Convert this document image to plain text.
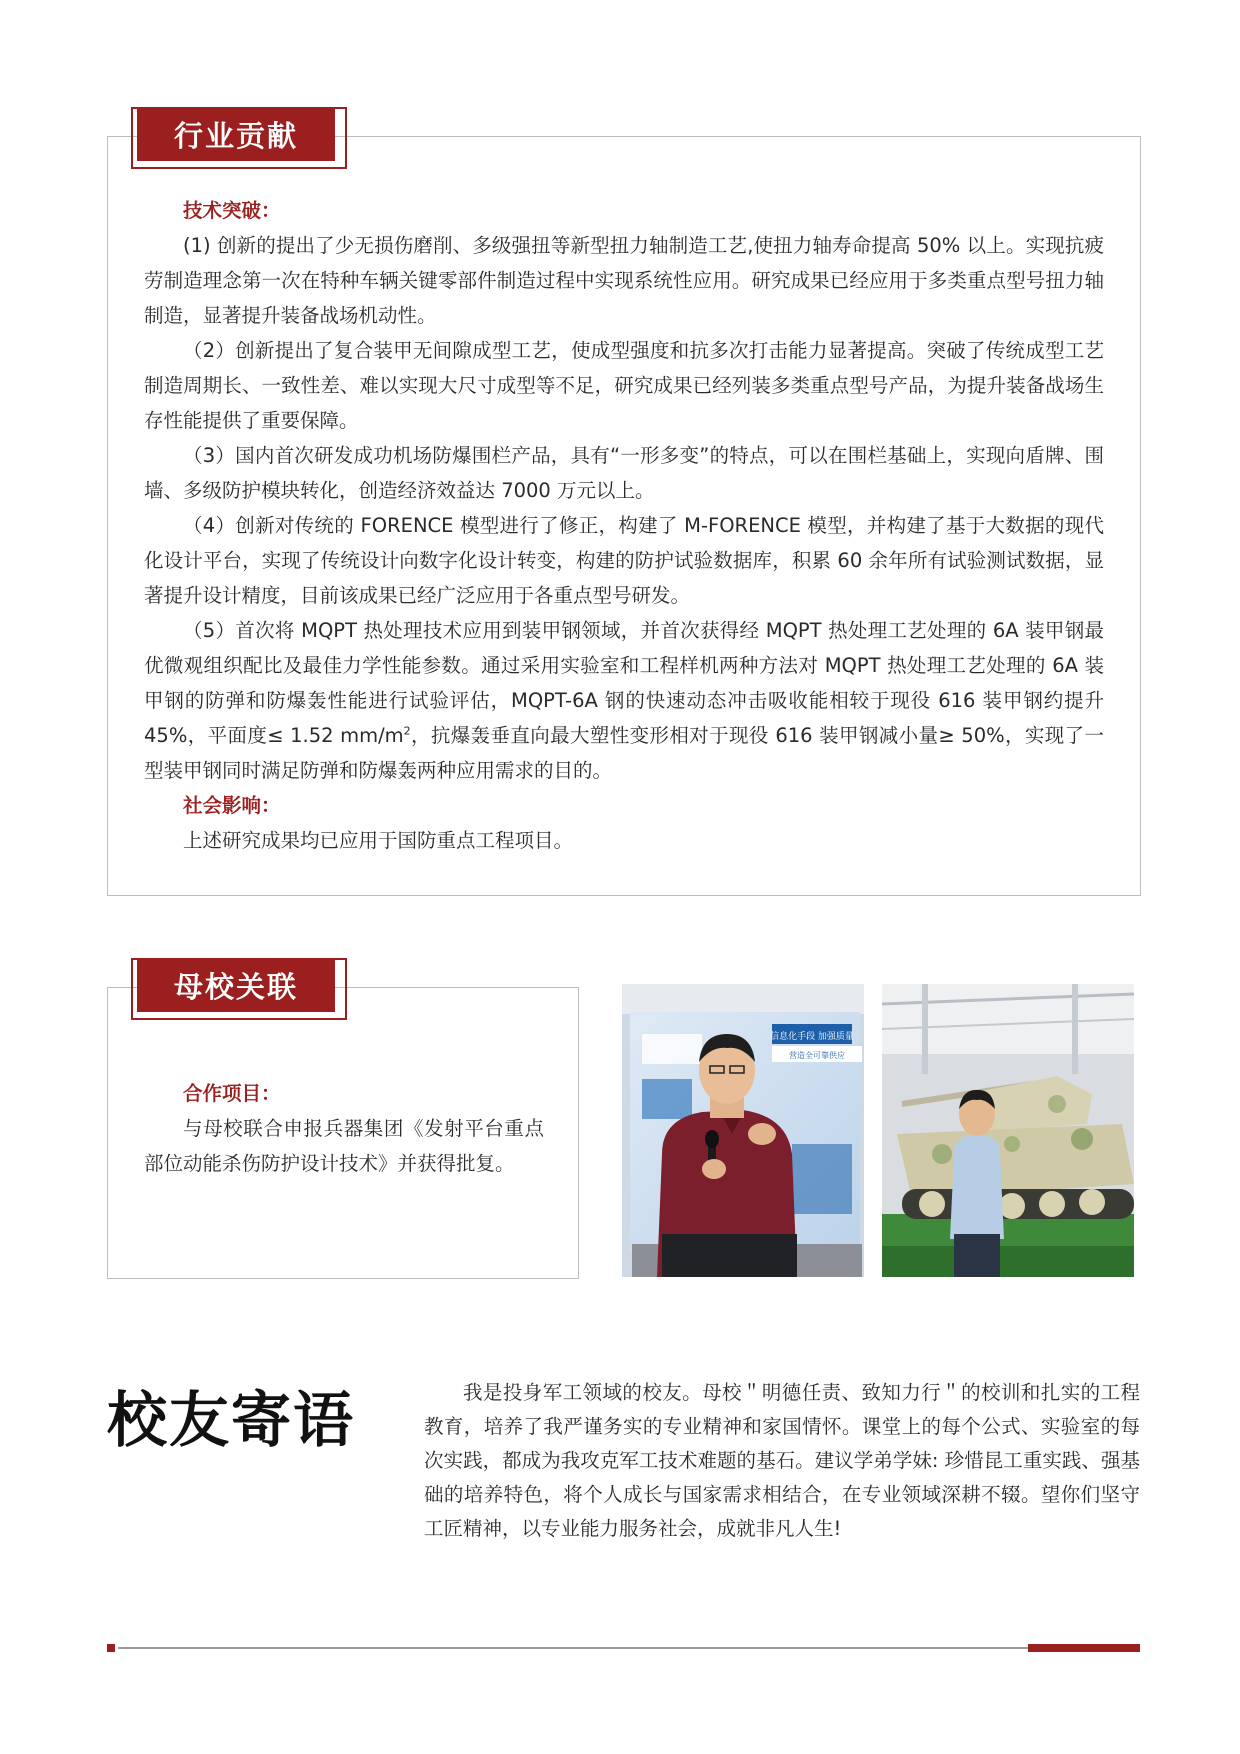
行业贡献

技术突破：

(1) 创新的提出了少无损伤磨削、多级强扭等新型扭力轴制造工艺,使扭力轴寿命提高 50% 以上。实现抗疲劳制造理念第一次在特种车辆关键零部件制造过程中实现系统性应用。研究成果已经应用于多类重点型号扭力轴制造，显著提升装备战场机动性。

（2）创新提出了复合装甲无间隙成型工艺，使成型强度和抗多次打击能力显著提高。突破了传统成型工艺制造周期长、一致性差、难以实现大尺寸成型等不足，研究成果已经列装多类重点型号产品，为提升装备战场生存性能提供了重要保障。

（3）国内首次研发成功机场防爆围栏产品，具有“一形多变”的特点，可以在围栏基础上，实现向盾牌、围墙、多级防护模块转化，创造经济效益达 7000 万元以上。

（4）创新对传统的 FORENCE 模型进行了修正，构建了 M-FORENCE 模型，并构建了基于大数据的现代化设计平台，实现了传统设计向数字化设计转变，构建的防护试验数据库，积累 60 余年所有试验测试数据，显著提升设计精度，目前该成果已经广泛应用于各重点型号研发。

（5）首次将 MQPT 热处理技术应用到装甲钢领域，并首次获得经 MQPT 热处理工艺处理的 6A 装甲钢最优微观组织配比及最佳力学性能参数。通过采用实验室和工程样机两种方法对 MQPT 热处理工艺处理的 6A 装甲钢的防弹和防爆轰性能进行试验评估，MQPT-6A 钢的快速动态冲击吸收能相较于现役 616 装甲钢约提升 45%，平面度≤ 1.52 $mm/m^2$，抗爆轰垂直向最大塑性变形相对于现役 616 装甲钢减小量≥ 50%，实现了一型装甲钢同时满足防弹和防爆轰两种应用需求的目的。

社会影响：

上述研究成果均已应用于国防重点工程项目。

母校关联

合作项目：

与母校联合申报兵器集团《发射平台重点部位动能杀伤防护设计技术》并获得批复。

信息化手段 加强质量
营造全可靠供应
校友寄语	我是投身军工领域的校友。母校＂明德任责、致知力行＂的校训和扎实的工程教育，培养了我严谨务实的专业精神和家国情怀。课堂上的每个公式、实验室的每次实践，都成为我攻克军工技术难题的基石。建议学弟学妹: 珍惜昆工重实践、强基础的培养特色，将个人成长与国家需求相结合，在专业领域深耕不辍。望你们坚守工匠精神，以专业能力服务社会，成就非凡人生!
